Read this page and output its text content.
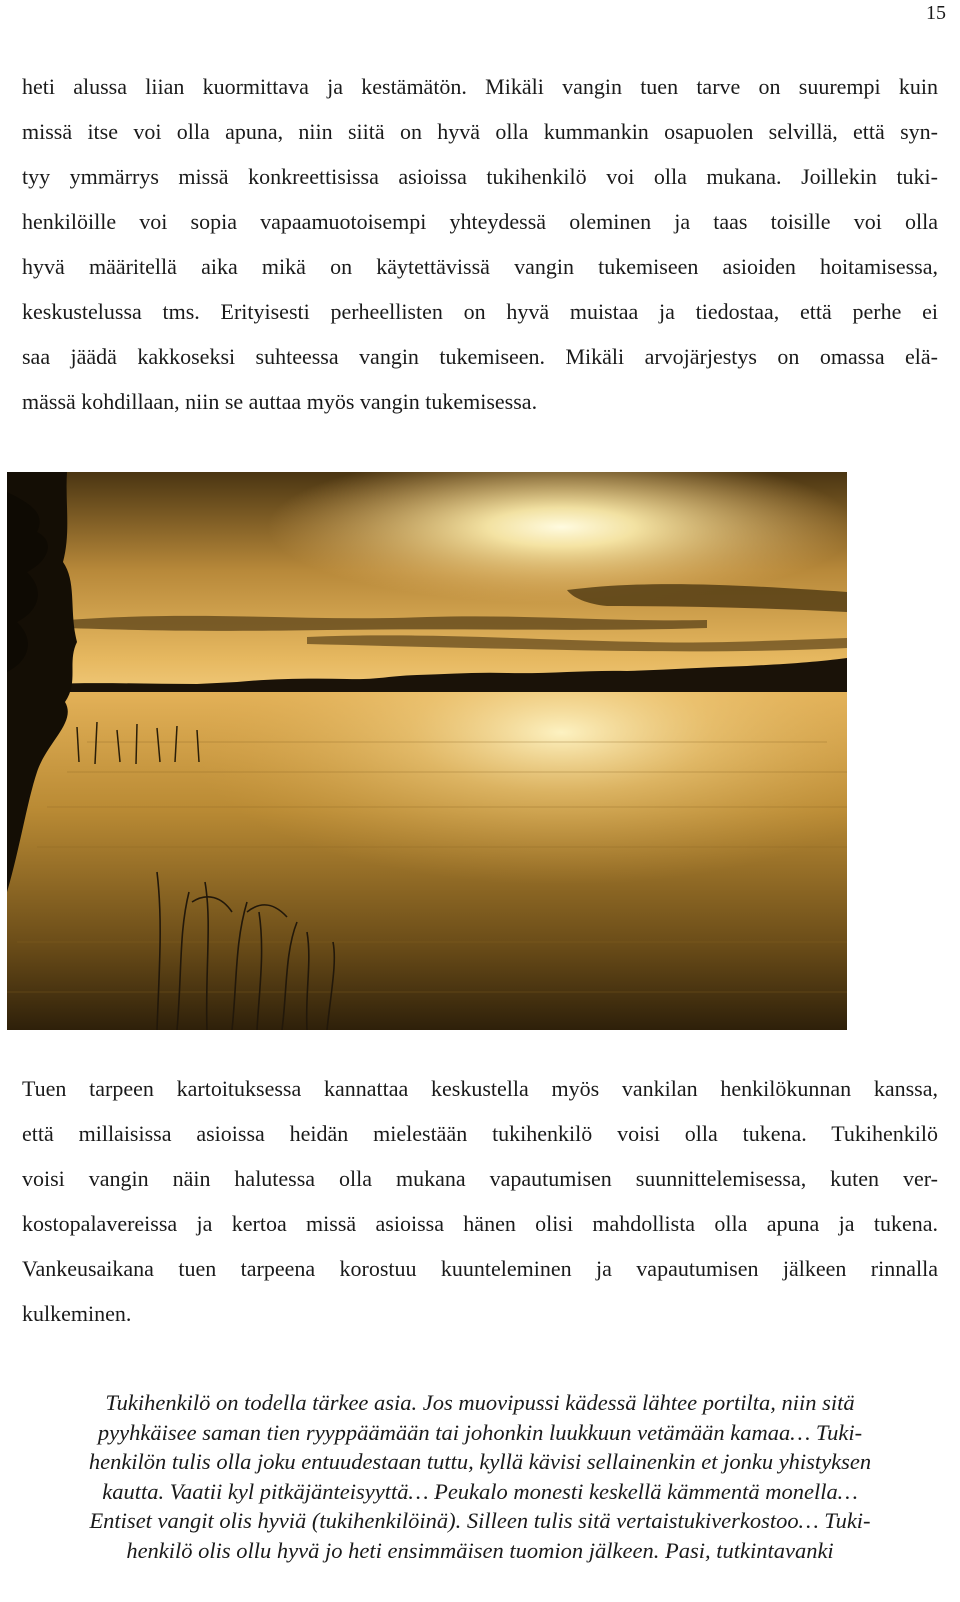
15
heti alussa liian kuormittava ja kestämätön. Mikäli vangin tuen tarve on suurempi kuin
missä itse voi olla apuna, niin siitä on hyvä olla kummankin osapuolen selvillä, että syn-
tyy ymmärrys missä konkreettisissa asioissa tukihenkilö voi olla mukana. Joillekin tuki-
henkilöille voi sopia vapaamuotoisempi yhteydessä oleminen ja taas toisille voi olla
hyvä määritellä aika mikä on käytettävissä vangin tukemiseen asioiden hoitamisessa,
keskustelussa tms. Erityisesti perheellisten on hyvä muistaa ja tiedostaa, että perhe ei
saa jäädä kakkoseksi suhteessa vangin tukemiseen. Mikäli arvojärjestys on omassa elä-
mässä kohdillaan, niin se auttaa myös vangin tukemisessa.
Tuen tarpeen kartoituksessa kannattaa keskustella myös vankilan henkilökunnan kanssa,
että millaisissa asioissa heidän mielestään tukihenkilö voisi olla tukena. Tukihenkilö
voisi vangin näin halutessa olla mukana vapautumisen suunnittelemisessa, kuten ver-
kostopalavereissa ja kertoa missä asioissa hänen olisi mahdollista olla apuna ja tukena.
Vankeusaikana tuen tarpeena korostuu kuunteleminen ja vapautumisen jälkeen rinnalla
kulkeminen.
Tukihenkilö on todella tärkee asia. Jos muovipussi kädessä lähtee portilta, niin sitä
pyyhkäisee saman tien ryyppäämään tai johonkin luukkuun vetämään kamaa… Tuki-
henkilön tulis olla joku entuudestaan tuttu, kyllä kävisi sellainenkin et jonku yhistyksen
kautta. Vaatii kyl pitkäjänteisyyttä… Peukalo monesti keskellä kämmentä monella…
Entiset vangit olis hyviä (tukihenkilöinä). Silleen tulis sitä vertaistukiverkostoo… Tuki-
henkilö olis ollu hyvä jo heti ensimmäisen tuomion jälkeen. Pasi, tutkintavanki
